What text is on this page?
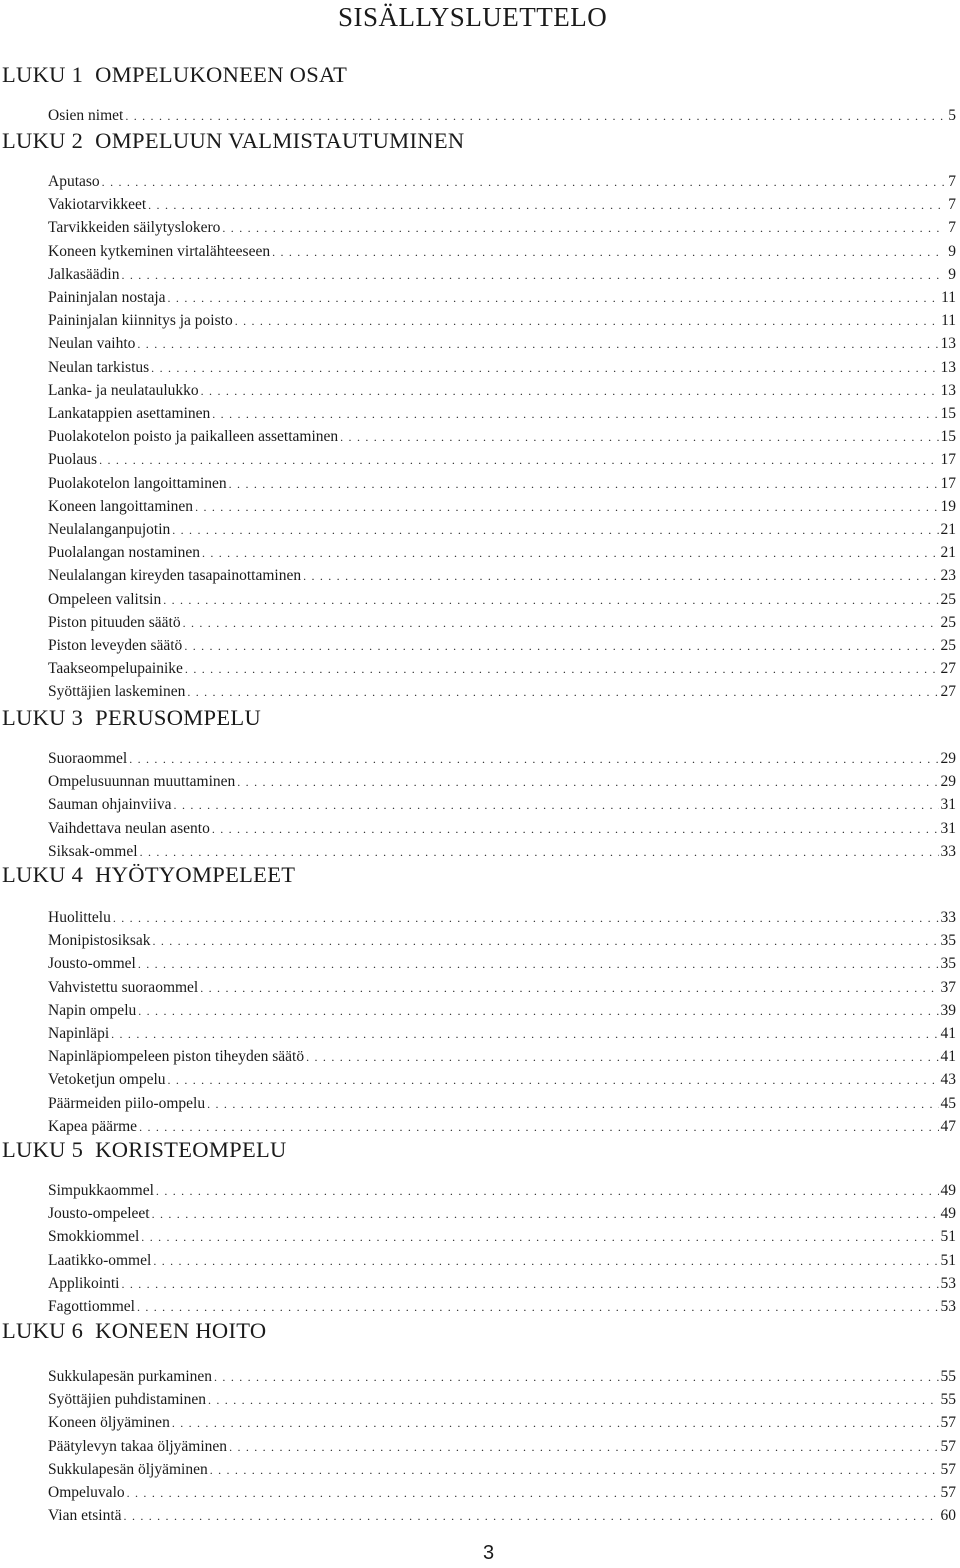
SISÄLLYSLUETTELO
LUKU 1 OMPELUKONEEN OSAT
Osien nimet . . .	5
LUKU 2 OMPELUUN VALMISTAUTUMINEN
Aputaso . . .	7
Vakiotarvikkeet . . .	7
Tarvikkeiden säilytyslokero . . .	7
Koneen kytkeminen virtalähteeseen . . .	9
Jalkasäädin . . .	9
Paininjalan nostaja . . .	11
Paininjalan kiinnitys ja poisto . . .	11
Neulan vaihto . . .	13
Neulan tarkistus . . .	13
Lanka- ja neulataulukko . . .	13
Lankatappien asettaminen . . .	15
Puolakotelon poisto ja paikalleen assettaminen . . .	15
Puolaus . . .	17
Puolakotelon langoittaminen . . .	17
Koneen langoittaminen . . .	19
Neulalanganpujotin . . .	21
Puolalangan nostaminen . . .	21
Neulalangan kireyden tasapainottaminen . . .	23
Ompeleen valitsin . . .	25
Piston pituuden säätö . . .	25
Piston leveyden säätö . . .	25
Taakseompelupainike . . .	27
Syöttäjien laskeminen . . .	27
LUKU 3 PERUSOMPELU
Suoraommel . . .	29
Ompelusuunnan muuttaminen . . .	29
Sauman ohjainviiva . . .	31
Vaihdettava neulan asento . . .	31
Siksak-ommel . . .	33
LUKU 4 HYÖTYOMPELEET
Huolittelu . . .	33
Monipistosiksak . . .	35
Jousto-ommel . . .	35
Vahvistettu suoraommel . . .	37
Napin ompelu . . .	39
Napinläpi . . .	41
Napinläpiompeleen piston tiheyden säätö . . .	41
Vetoketjun ompelu . . .	43
Päärmeiden piilo-ompelu . . .	45
Kapea päärme . . .	47
LUKU 5 KORISTEOMPELU
Simpukkaommel . . .	49
Jousto-ompeleet . . .	49
Smokkiommel . . .	51
Laatikko-ommel . . .	51
Applikointi . . .	53
Fagottiommel . . .	53
LUKU 6 KONEEN HOITO
Sukkulapesän purkaminen . . .	55
Syöttäjien puhdistaminen . . .	55
Koneen öljyäminen . . .	57
Päätylevyn takaa öljyäminen . . .	57
Sukkulapesän öljyäminen . . .	57
Ompeluvalo . . .	57
Vian etsintä . . .	60
3
